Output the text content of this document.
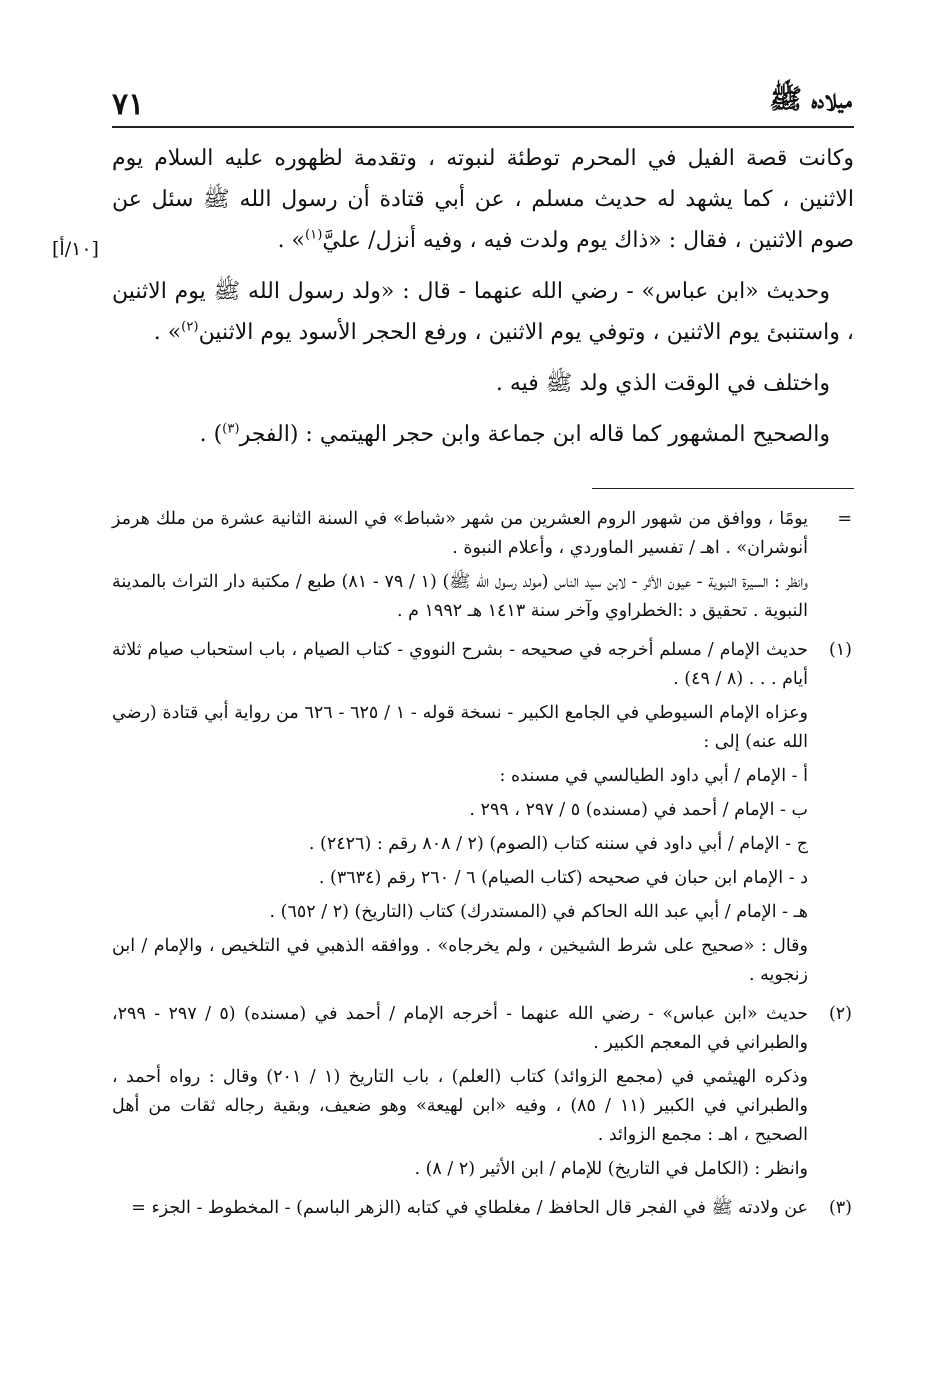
ميلاده ﷺ
٧١
[١٠/أ]

وكانت قصة الفيل في المحرم توطئة لنبوته ، وتقدمة لظهوره عليه السلام يوم الاثنين ، كما يشهد له حديث مسلم ، عن أبي قتادة أن رسول الله ﷺ سئل عن صوم الاثنين ، فقال : «ذاك يوم ولدت فيه ، وفيه أنزل/ عليَّ$^{(١)}$» .

وحديث «ابن عباس» - رضي الله عنهما - قال : «ولد رسول الله ﷺ يوم الاثنين ، واستنبئ يوم الاثنين ، وتوفي يوم الاثنين ، ورفع الحجر الأسود يوم الاثنين$^{(٢)}$» .

واختلف في الوقت الذي ولد ﷺ فيه .

والصحيح المشهور كما قاله ابن جماعة وابن حجر الهيتمي : (الفجر$^{(٣)}$) .

=

يومًا ، ووافق من شهور الروم العشرين من شهر «شباط» في السنة الثانية عشرة من ملك هرمز أنوشران» . اهـ / تفسير الماوردي ، وأعلام النبوة .

وانظر : السيرة النبوية - عيون الأثر - لابن سيد الناس (مولد رسول الله ﷺ) (١ / ٧٩ - ٨١) طبع / مكتبة دار التراث بالمدينة النبوية . تحقيق د :الخطراوي وآخر سنة ١٤١٣ هـ ١٩٩٢ م .

(١)

حديث الإمام / مسلم أخرجه في صحيحه - بشرح النووي - كتاب الصيام ، باب استحباب صيام ثلاثة أيام . . . (٨ / ٤٩) .

وعزاه الإمام السيوطي في الجامع الكبير - نسخة قوله - ١ / ٦٢٥ - ٦٢٦ من رواية أبي قتادة (رضي الله عنه) إلى :

أ - الإمام / أبي داود الطيالسي في مسنده :

ب - الإمام / أحمد في (مسنده) ٥ / ٢٩٧ ، ٢٩٩ .

ج - الإمام / أبي داود في سننه كتاب (الصوم) (٢ / ٨٠٨ رقم : (٢٤٢٦) .

د - الإمام ابن حبان في صحيحه (كتاب الصيام) ٦ / ٢٦٠ رقم (٣٦٣٤) .

هـ - الإمام / أبي عبد الله الحاكم في (المستدرك) كتاب (التاريخ) (٢ / ٦٥٢) .

وقال : «صحيح على شرط الشيخين ، ولم يخرجاه» . ووافقه الذهبي في التلخيص ، والإمام / ابن زنجويه .

(٢)

حديث «ابن عباس» - رضي الله عنهما - أخرجه الإمام / أحمد في (مسنده) (٥ / ٢٩٧ - ٢٩٩، والطبراني في المعجم الكبير .

وذكره الهيثمي في (مجمع الزوائد) كتاب (العلم) ، باب التاريخ (١ / ٢٠١) وقال : رواه أحمد ، والطبراني في الكبير (١١ / ٨٥) ، وفيه «ابن لهيعة» وهو ضعيف، وبقية رجاله ثقات من أهل الصحيح ، اهـ : مجمع الزوائد .

وانظر : (الكامل في التاريخ) للإمام / ابن الأثير (٢ / ٨) .

(٣)

عن ولادته ﷺ في الفجر قال الحافظ / مغلطاي في كتابه (الزهر الباسم) - المخطوط - الجزء =
